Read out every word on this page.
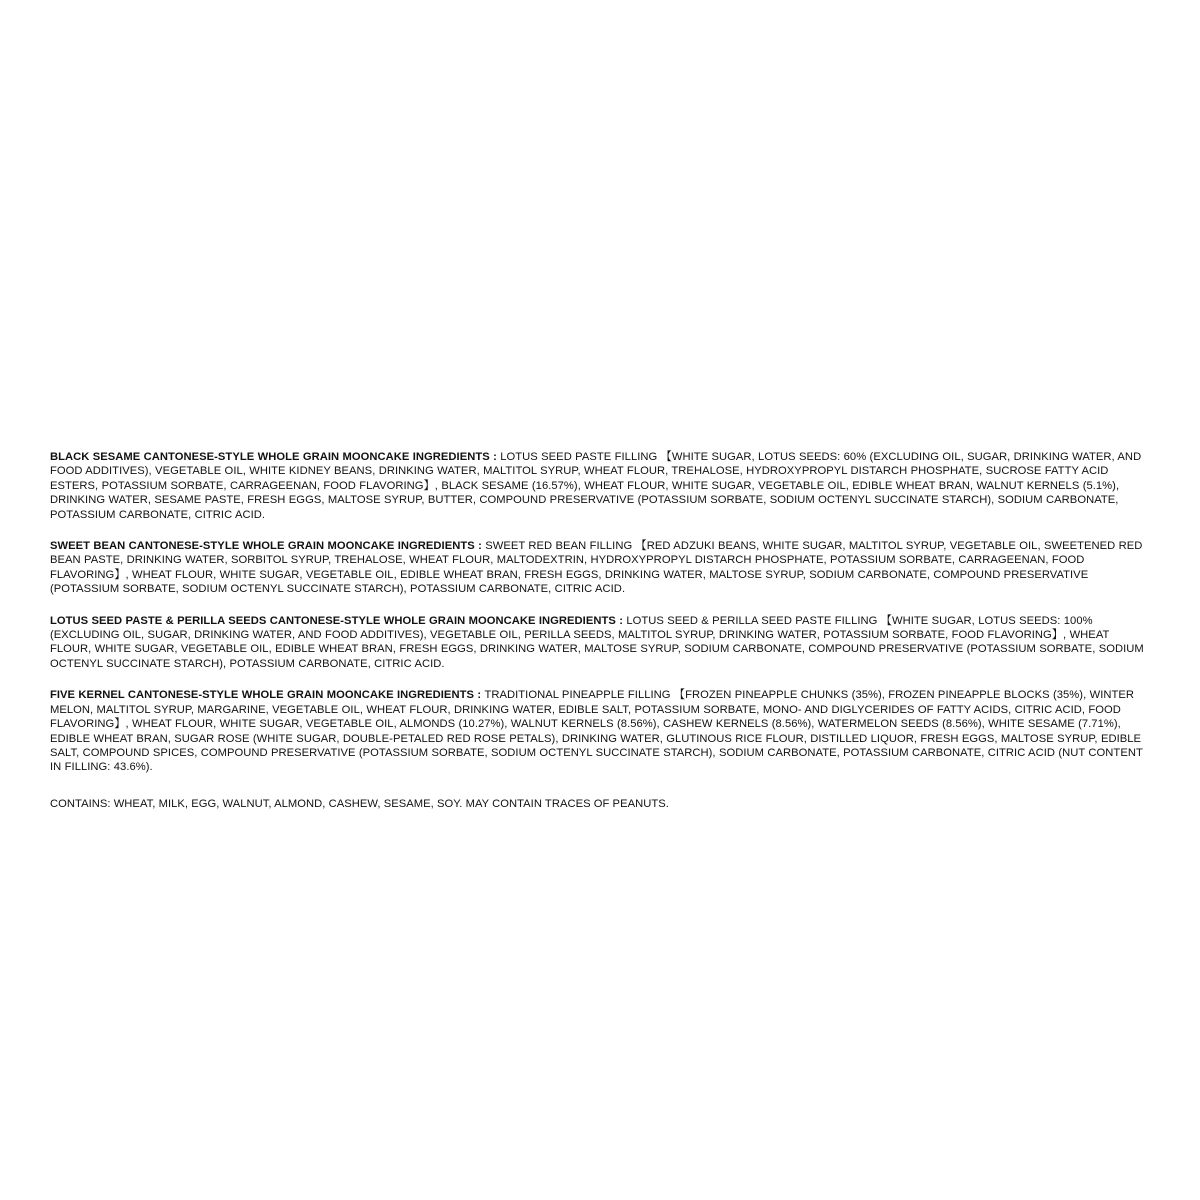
BLACK SESAME CANTONESE-STYLE WHOLE GRAIN MOONCAKE INGREDIENTS : LOTUS SEED PASTE FILLING 【WHITE SUGAR, LOTUS SEEDS: 60% (EXCLUDING OIL, SUGAR, DRINKING WATER, AND FOOD ADDITIVES), VEGETABLE OIL, WHITE KIDNEY BEANS, DRINKING WATER, MALTITOL SYRUP, WHEAT FLOUR, TREHALOSE, HYDROXYPROPYL DISTARCH PHOSPHATE, SUCROSE FATTY ACID ESTERS, POTASSIUM SORBATE, CARRAGEENAN, FOOD FLAVORING】, BLACK SESAME (16.57%), WHEAT FLOUR, WHITE SUGAR, VEGETABLE OIL, EDIBLE WHEAT BRAN, WALNUT KERNELS (5.1%), DRINKING WATER, SESAME PASTE, FRESH EGGS, MALTOSE SYRUP, BUTTER, COMPOUND PRESERVATIVE (POTASSIUM SORBATE, SODIUM OCTENYL SUCCINATE STARCH), SODIUM CARBONATE, POTASSIUM CARBONATE, CITRIC ACID.

SWEET BEAN CANTONESE-STYLE WHOLE GRAIN MOONCAKE INGREDIENTS : SWEET RED BEAN FILLING 【RED ADZUKI BEANS, WHITE SUGAR, MALTITOL SYRUP, VEGETABLE OIL, SWEETENED RED BEAN PASTE, DRINKING WATER, SORBITOL SYRUP, TREHALOSE, WHEAT FLOUR, MALTODEXTRIN, HYDROXYPROPYL DISTARCH PHOSPHATE, POTASSIUM SORBATE, CARRAGEENAN, FOOD FLAVORING】, WHEAT FLOUR, WHITE SUGAR, VEGETABLE OIL, EDIBLE WHEAT BRAN, FRESH EGGS, DRINKING WATER, MALTOSE SYRUP, SODIUM CARBONATE, COMPOUND PRESERVATIVE (POTASSIUM SORBATE, SODIUM OCTENYL SUCCINATE STARCH), POTASSIUM CARBONATE, CITRIC ACID.

LOTUS SEED PASTE & PERILLA SEEDS CANTONESE-STYLE WHOLE GRAIN MOONCAKE INGREDIENTS : LOTUS SEED & PERILLA SEED PASTE FILLING 【WHITE SUGAR, LOTUS SEEDS: 100% (EXCLUDING OIL, SUGAR, DRINKING WATER, AND FOOD ADDITIVES), VEGETABLE OIL, PERILLA SEEDS, MALTITOL SYRUP, DRINKING WATER, POTASSIUM SORBATE, FOOD FLAVORING】, WHEAT FLOUR, WHITE SUGAR, VEGETABLE OIL, EDIBLE WHEAT BRAN, FRESH EGGS, DRINKING WATER, MALTOSE SYRUP, SODIUM CARBONATE, COMPOUND PRESERVATIVE (POTASSIUM SORBATE, SODIUM OCTENYL SUCCINATE STARCH), POTASSIUM CARBONATE, CITRIC ACID.

FIVE KERNEL CANTONESE-STYLE WHOLE GRAIN MOONCAKE INGREDIENTS : TRADITIONAL PINEAPPLE FILLING 【FROZEN PINEAPPLE CHUNKS (35%), FROZEN PINEAPPLE BLOCKS (35%), WINTER MELON, MALTITOL SYRUP, MARGARINE, VEGETABLE OIL, WHEAT FLOUR, DRINKING WATER, EDIBLE SALT, POTASSIUM SORBATE, MONO- AND DIGLYCERIDES OF FATTY ACIDS, CITRIC ACID, FOOD FLAVORING】, WHEAT FLOUR, WHITE SUGAR, VEGETABLE OIL, ALMONDS (10.27%), WALNUT KERNELS (8.56%), CASHEW KERNELS (8.56%), WATERMELON SEEDS (8.56%), WHITE SESAME (7.71%), EDIBLE WHEAT BRAN, SUGAR ROSE (WHITE SUGAR, DOUBLE-PETALED RED ROSE PETALS), DRINKING WATER, GLUTINOUS RICE FLOUR, DISTILLED LIQUOR, FRESH EGGS, MALTOSE SYRUP, EDIBLE SALT, COMPOUND SPICES, COMPOUND PRESERVATIVE (POTASSIUM SORBATE, SODIUM OCTENYL SUCCINATE STARCH), SODIUM CARBONATE, POTASSIUM CARBONATE, CITRIC ACID (NUT CONTENT IN FILLING: 43.6%).

CONTAINS: WHEAT, MILK, EGG, WALNUT, ALMOND, CASHEW, SESAME, SOY. MAY CONTAIN TRACES OF PEANUTS.
